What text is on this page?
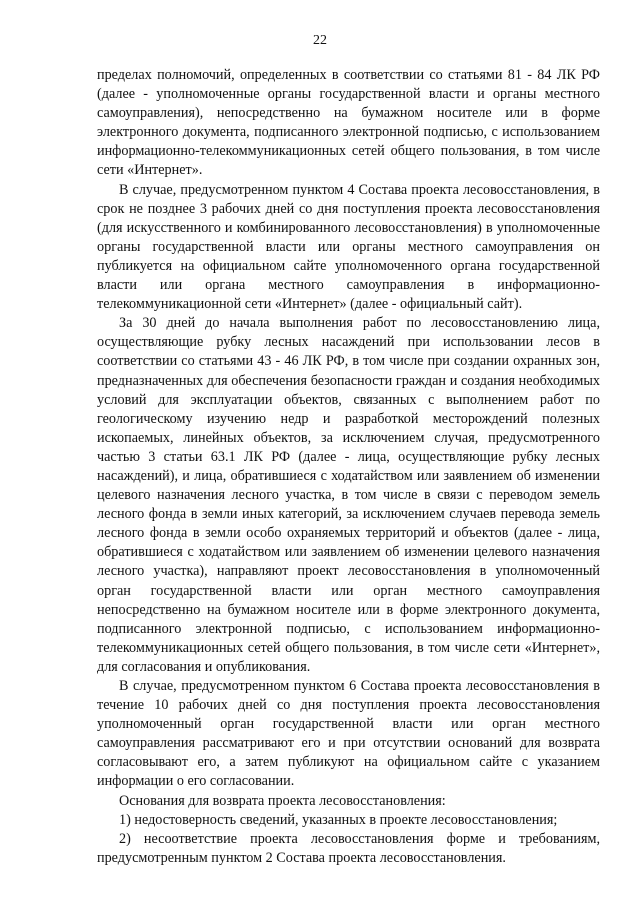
22

пределах полномочий, определенных в соответствии со статьями 81 - 84 ЛК РФ (далее - уполномоченные органы государственной власти и органы местного самоуправления), непосредственно на бумажном носителе или в форме электронного документа, подписанного электронной подписью, с использованием информационно-телекоммуникационных сетей общего пользования, в том числе сети «Интернет».

В случае, предусмотренном пунктом 4 Состава проекта лесовосстановления, в срок не позднее 3 рабочих дней со дня поступления проекта лесовосстановления (для искусственного и комбинированного лесовосстановления) в уполномоченные органы государственной власти или органы местного самоуправления он публикуется на официальном сайте уполномоченного органа государственной власти или органа местного самоуправления в информационно-телекоммуникационной сети «Интернет» (далее - официальный сайт).

За 30 дней до начала выполнения работ по лесовосстановлению лица, осуществляющие рубку лесных насаждений при использовании лесов в соответствии со статьями 43 - 46 ЛК РФ, в том числе при создании охранных зон, предназначенных для обеспечения безопасности граждан и создания необходимых условий для эксплуатации объектов, связанных с выполнением работ по геологическому изучению недр и разработкой месторождений полезных ископаемых, линейных объектов, за исключением случая, предусмотренного частью 3 статьи 63.1 ЛК РФ (далее - лица, осуществляющие рубку лесных насаждений), и лица, обратившиеся с ходатайством или заявлением об изменении целевого назначения лесного участка, в том числе в связи с переводом земель лесного фонда в земли иных категорий, за исключением случаев перевода земель лесного фонда в земли особо охраняемых территорий и объектов (далее - лица, обратившиеся с ходатайством или заявлением об изменении целевого назначения лесного участка), направляют проект лесовосстановления в уполномоченный орган государственной власти или орган местного самоуправления непосредственно на бумажном носителе или в форме электронного документа, подписанного электронной подписью, с использованием информационно-телекоммуникационных сетей общего пользования, в том числе сети «Интернет», для согласования и опубликования.

В случае, предусмотренном пунктом 6 Состава проекта лесовосстановления в течение 10 рабочих дней со дня поступления проекта лесовосстановления уполномоченный орган государственной власти или орган местного самоуправления рассматривают его и при отсутствии оснований для возврата согласовывают его, а затем публикуют на официальном сайте с указанием информации о его согласовании.

Основания для возврата проекта лесовосстановления:

1) недостоверность сведений, указанных в проекте лесовосстановления;

2) несоответствие проекта лесовосстановления форме и требованиям, предусмотренным пунктом 2 Состава проекта лесовосстановления.
